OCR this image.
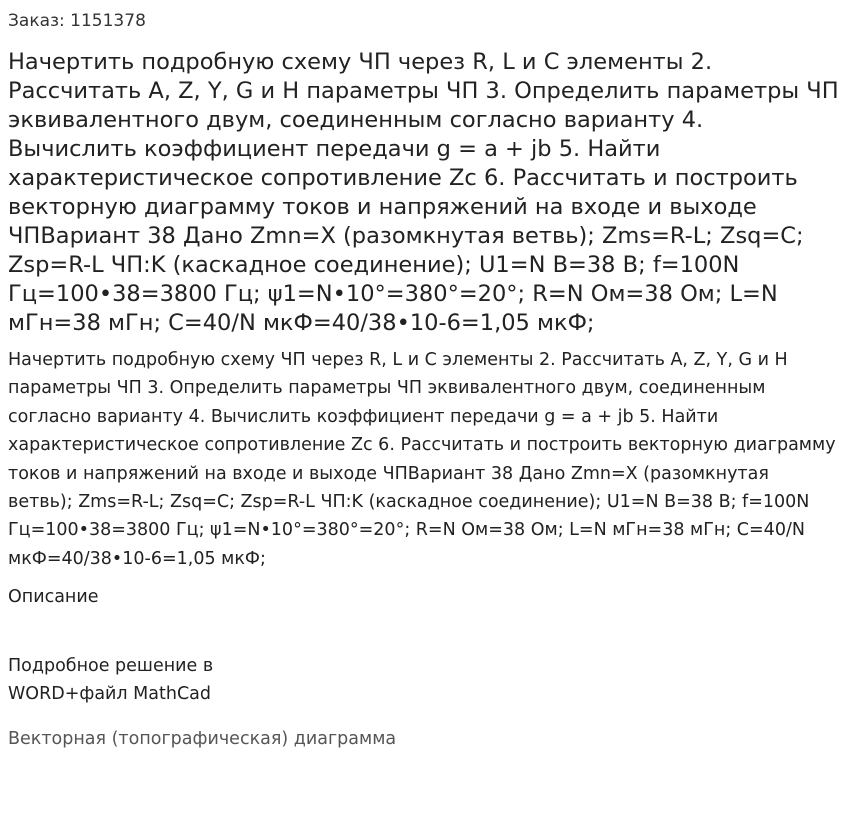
Заказ: 1151378
Начертить подробную схему ЧП через R, L и C элементы 2. Рассчитать A, Z, Y, G и H параметры ЧП 3. Определить параметры ЧП эквивалентного двум, соединенным согласно варианту 4. Вычислить коэффициент передачи g = a + jb 5. Найти характеристическое сопротивление Zc 6. Рассчитать и построить векторную диаграмму токов и напряжений на входе и выходе ЧПВариант 38 Дано Zmn=X (разомкнутая ветвь); Zms=R-L; Zsq=C; Zsp=R-L ЧП:K (каскадное соединение); U1=N В=38 В; f=100N Гц=100•38=3800 Гц; ψ1=N•10°=380°=20°; R=N Ом=38 Ом; L=N мГн=38 мГн; C=40/N мкФ=40/38•10-6=1,05 мкФ;

Начертить подробную схему ЧП через R, L и C элементы 2. Рассчитать A, Z, Y, G и H параметры ЧП 3. Определить параметры ЧП эквивалентного двум, соединенным согласно варианту 4. Вычислить коэффициент передачи g = a + jb 5. Найти характеристическое сопротивление Zc 6. Рассчитать и построить векторную диаграмму токов и напряжений на входе и выходе ЧПВариант 38 Дано Zmn=X (разомкнутая ветвь); Zms=R-L; Zsq=C; Zsp=R-L ЧП:K (каскадное соединение); U1=N В=38 В; f=100N Гц=100•38=3800 Гц; ψ1=N•10°=380°=20°; R=N Ом=38 Ом; L=N мГн=38 мГн; C=40/N мкФ=40/38•10-6=1,05 мкФ;

Описание

Подробное решение в WORD+файл MathCad

Векторная (топографическая) диаграмма
